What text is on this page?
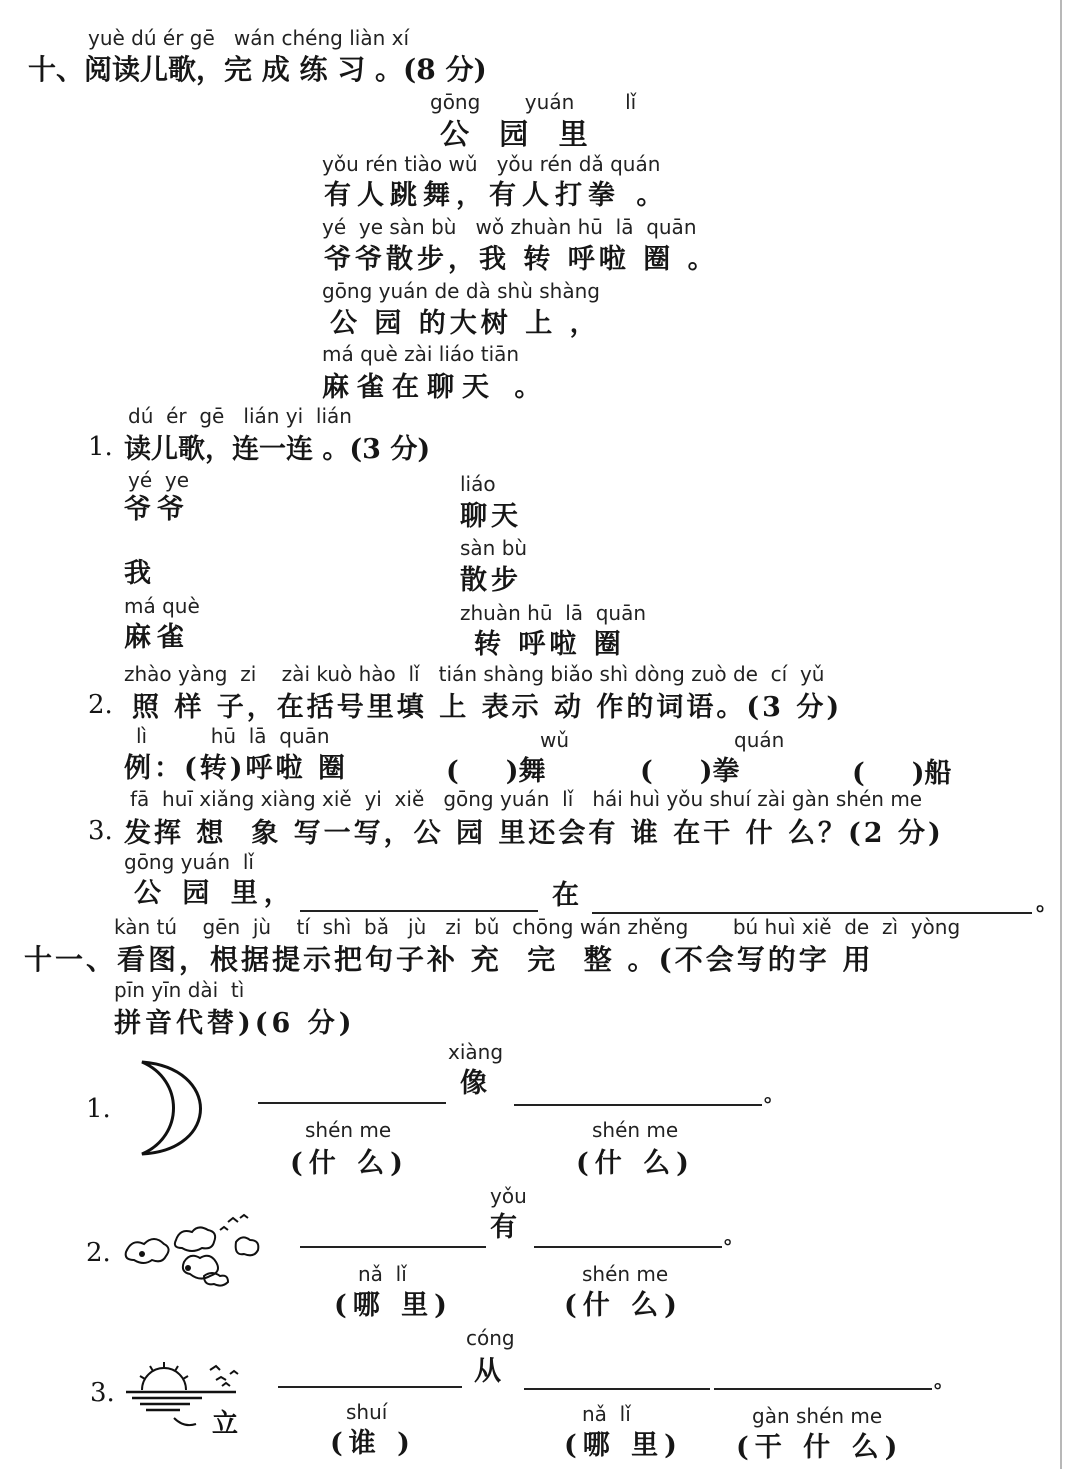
yuè dú ér gē   wán chéng liàn xí
十、阅读儿歌，完 成 练 习 。(8 分)
gōng       yuán        lǐ
公   园   里
yǒu rén tiào wǔ   yǒu rén dǎ quán
有人跳舞，有人打拳 。
yé  ye sàn bù   wǒ zhuàn hū  lā  quān
爷爷散步，我 转 呼啦 圈 。
gōng yuán de dà shù shàng
公 园 的大树 上 ，
má què zài liáo tiān
麻雀在聊天 。
dú  ér  gē   lián yi  lián
1. 读儿歌，连一连 。(3 分)
yé  ye
爷爷
我
má què
麻雀
liáo
聊天
sàn bù
散步
zhuàn hū  lā  quān
转 呼啦 圈
zhào yàng  zi    zài kuò hào  lǐ   tián shàng biǎo shì dòng zuò de  cí  yǔ
2. 照 样 子，在括号里填 上 表示 动 作的词语。(3 分)
lì          hū  lā  quān
例：(转)呼啦 圈
wǔ
(     )舞
quán
(     )拳	(     )船
fā  huī xiǎng xiàng xiě  yi  xiě   gōng yuán  lǐ   hái huì yǒu shuí zài gàn shén me
3. 发挥 想  象 写一写，公 园 里还会有 谁 在干 什 么？(2 分)
gōng yuán  lǐ
公 园 里，	在	。
kàn tú    gēn  jù    tí  shì  bǎ   jù   zi  bǔ  chōng wán zhěng       bú huì xiě  de  zì  yòng
十一、看图，根据提示把句子补 充  完  整 。(不会写的字 用
pīn yīn dài  tì
拼音代替)(6 分)
1.
xiàng
像	。
shén me
(什 么)
shén me
(什 么)
2.
yǒu
有	。
nǎ  lǐ
(哪 里)
shén me
(什 么)
3.
立
cóng
从	。
shuí
(谁 )
nǎ  lǐ
(哪 里)
gàn shén me
(干 什 么)
